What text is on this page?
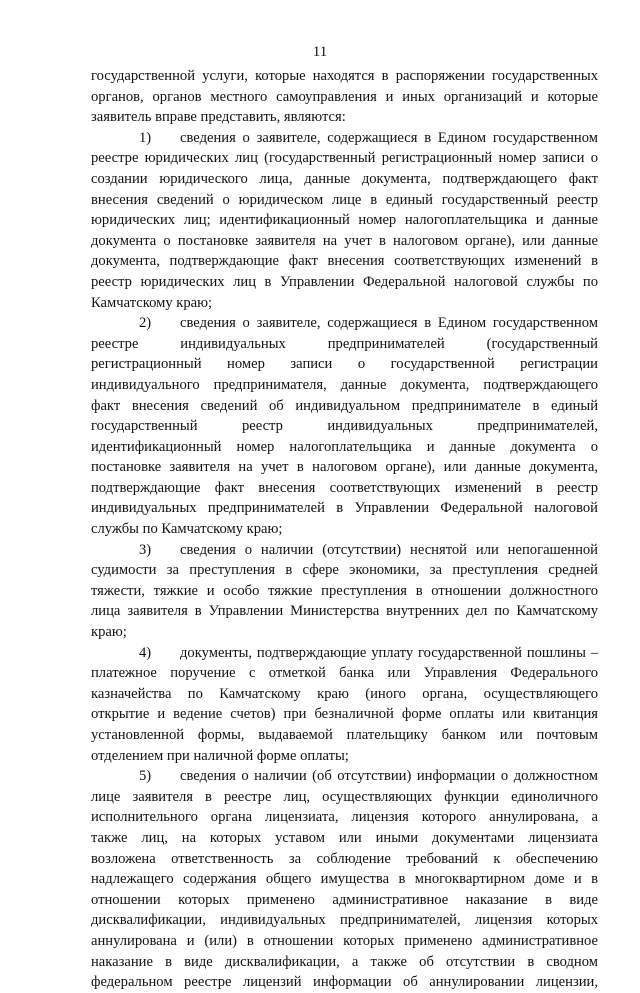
11
государственной услуги, которые находятся в распоряжении государственных
органов, органов местного самоуправления и иных организаций и которые
заявитель вправе представить, являются:
1) сведения о заявителе, содержащиеся в Едином государственном
реестре юридических лиц (государственный регистрационный номер записи о
создании юридического лица, данные документа, подтверждающего факт
внесения сведений о юридическом лице в единый государственный реестр
юридических лиц; идентификационный номер налогоплательщика и данные
документа о постановке заявителя на учет в налоговом органе), или данные
документа, подтверждающие факт внесения соответствующих изменений в
реестр юридических лиц в Управлении Федеральной налоговой службы по
Камчатскому краю;
2) сведения о заявителе, содержащиеся в Едином государственном
реестре индивидуальных предпринимателей (государственный
регистрационный номер записи о государственной регистрации
индивидуального предпринимателя, данные документа, подтверждающего
факт внесения сведений об индивидуальном предпринимателе в единый
государственный реестр индивидуальных предпринимателей,
идентификационный номер налогоплательщика и данные документа о
постановке заявителя на учет в налоговом органе), или данные документа,
подтверждающие факт внесения соответствующих изменений в реестр
индивидуальных предпринимателей в Управлении Федеральной налоговой
службы по Камчатскому краю;
3) сведения о наличии (отсутствии) неснятой или непогашенной
судимости за преступления в сфере экономики, за преступления средней
тяжести, тяжкие и особо тяжкие преступления в отношении должностного
лица заявителя в Управлении Министерства внутренних дел по Камчатскому
краю;
4) документы, подтверждающие уплату государственной пошлины –
платежное поручение с отметкой банка или Управления Федерального
казначейства по Камчатскому краю (иного органа, осуществляющего
открытие и ведение счетов) при безналичной форме оплаты или квитанция
установленной формы, выдаваемой плательщику банком или почтовым
отделением при наличной форме оплаты;
5) сведения о наличии (об отсутствии) информации о должностном
лице заявителя в реестре лиц, осуществляющих функции единоличного
исполнительного органа лицензиата, лицензия которого аннулирована, а
также лиц, на которых уставом или иными документами лицензиата
возложена ответственность за соблюдение требований к обеспечению
надлежащего содержания общего имущества в многоквартирном доме и в
отношении которых применено административное наказание в виде
дисквалификации, индивидуальных предпринимателей, лицензия которых
аннулирована и (или) в отношении которых применено административное
наказание в виде дисквалификации, а также об отсутствии в сводном
федеральном реестре лицензий информации об аннулировании лицензии,
